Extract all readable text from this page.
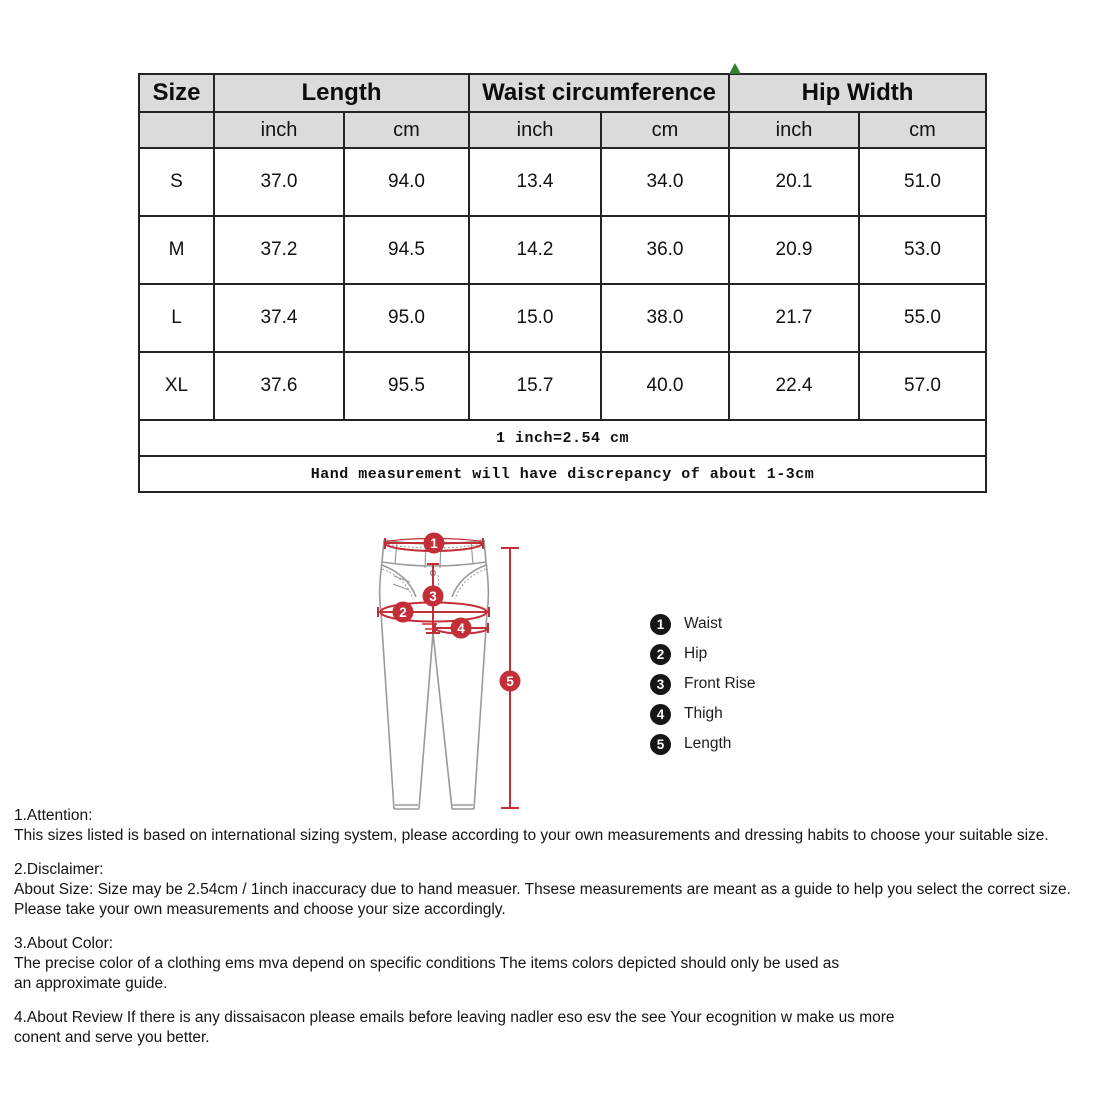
Size	Length		Waist circumference		Hip Width	
	inch	cm	inch	cm	inch	cm
S	37.0	94.0	13.4	34.0	20.1	51.0
M	37.2	94.5	14.2	36.0	20.9	53.0
L	37.4	95.0	15.0	38.0	21.7	55.0
XL	37.6	95.5	15.7	40.0	22.4	57.0
1 inch=2.54 cm						
Hand measurement will have discrepancy of about 1-3cm						
1
2
3
4
5
1	Waist
2	Hip
3	Front Rise
4	Thigh
5	Length
1.Attention:
This sizes listed is based on international sizing system, please according to your own measurements and dressing habits to choose your suitable size.
2.Disclaimer:
About Size: Size may be 2.54cm / 1inch inaccuracy due to hand measuer. Thsese measurements are meant as a guide to help you select the correct size.
Please take your own measurements and choose your size accordingly.
3.About Color:
The precise color of a clothing ems mva depend on specific conditions The items colors depicted should only be used as
an approximate guide.
4.About Review If there is any dissaisacon please emails before leaving nadler eso esv the see Your ecognition w make us more
conent and serve you better.
